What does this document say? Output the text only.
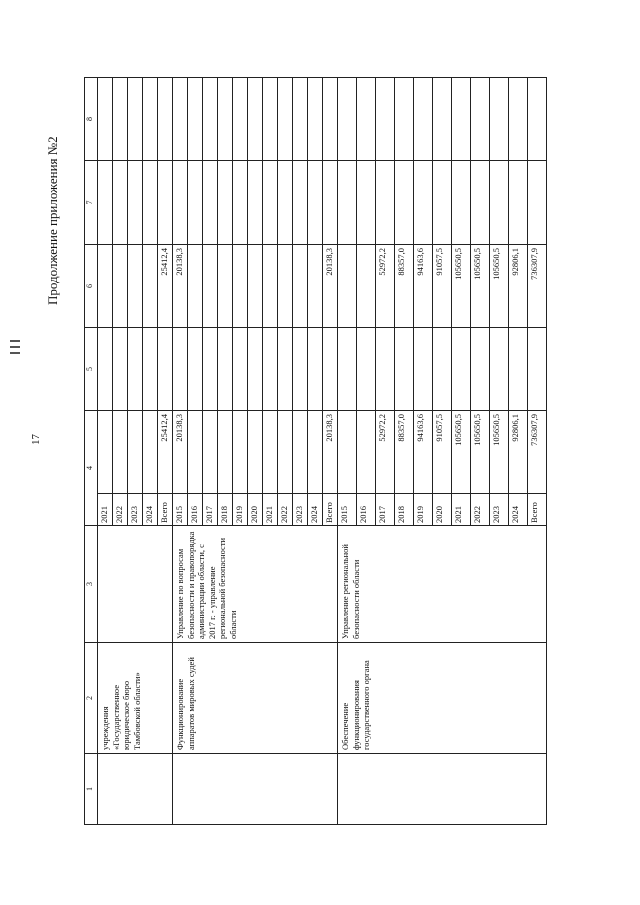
17
Продолжение приложения №2
1	2	3	4		5	6	7	8
	учреждения «Государственное юридическое бюро Тамбовской области»		2021					
			2022					
			2023					
			2024					
			Всего	25412,4		25412,4		
	Функционирование аппаратов мировых судей	Управление по вопросам безопасности и правопорядка администрации области, с 2017 г. - управление региональной безопасности области	2015	20138,3		20138,3		
			2016					
			2017					
			2018					
			2019					
			2020					
			2021					
			2022					
			2023					
			2024					
			Всего	20138,3		20138,3		
	Обеспечение функционирования государственного органа	Управление региональной безопасности области	2015					
			2016					
			2017	52972,2		52972,2		
			2018	88357,0		88357,0		
			2019	94163,6		94163,6		
			2020	91057,5		91057,5		
			2021	105650,5		105650,5		
			2022	105650,5		105650,5		
			2023	105650,5		105650,5		
			2024	92806,1		92806,1		
			Всего	736307,9		736307,9		
